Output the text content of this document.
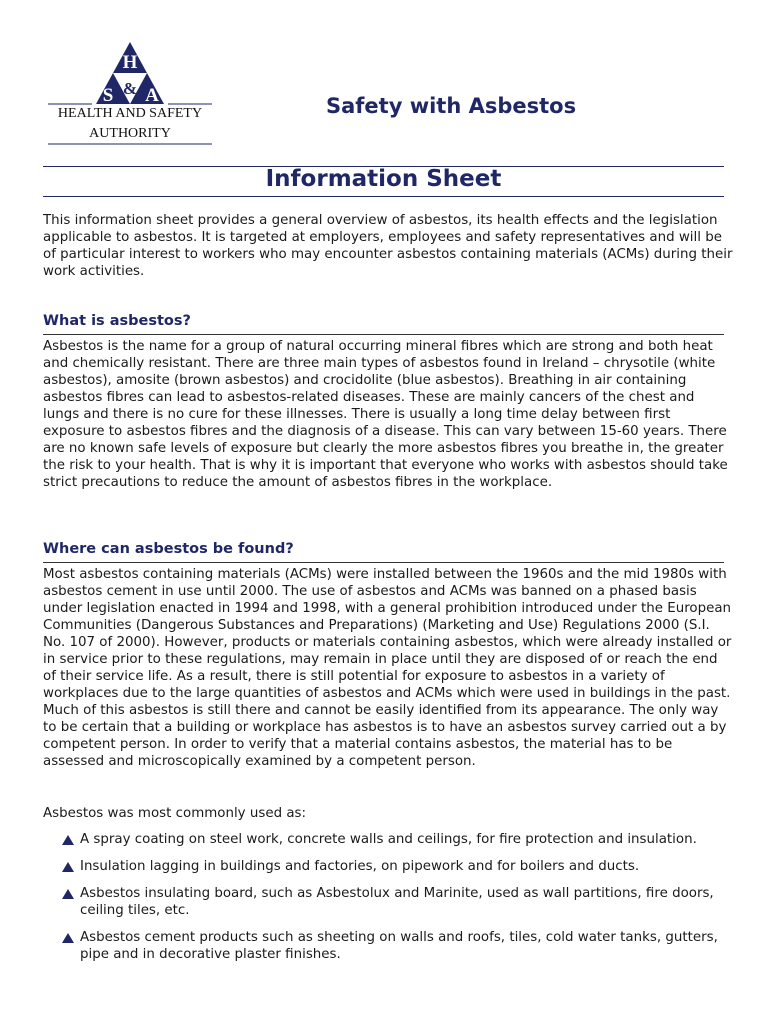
H
S & A
HEALTH AND SAFETY
AUTHORITY
Safety with Asbestos
Information Sheet
This information sheet provides a general overview of asbestos, its health effects and the legislation applicable to asbestos. It is targeted at employers, employees and safety representatives and will be of particular interest to workers who may encounter asbestos containing materials (ACMs) during their work activities.
What is asbestos?
Asbestos is the name for a group of natural occurring mineral fibres which are strong and both heat and chemically resistant. There are three main types of asbestos found in Ireland – chrysotile (white asbestos), amosite (brown asbestos) and crocidolite (blue asbestos). Breathing in air containing asbestos fibres can lead to asbestos-related diseases. These are mainly cancers of the chest and lungs and there is no cure for these illnesses. There is usually a long time delay between first exposure to asbestos fibres and the diagnosis of a disease. This can vary between 15-60 years. There are no known safe levels of exposure but clearly the more asbestos fibres you breathe in, the greater the risk to your health. That is why it is important that everyone who works with asbestos should take strict precautions to reduce the amount of asbestos fibres in the workplace.
Where can asbestos be found?
Most asbestos containing materials (ACMs) were installed between the 1960s and the mid 1980s with asbestos cement in use until 2000. The use of asbestos and ACMs was banned on a phased basis under legislation enacted in 1994 and 1998, with a general prohibition introduced under the European Communities (Dangerous Substances and Preparations) (Marketing and Use) Regulations 2000 (S.I. No. 107 of 2000). However, products or materials containing asbestos, which were already installed or in service prior to these regulations, may remain in place until they are disposed of or reach the end of their service life. As a result, there is still potential for exposure to asbestos in a variety of workplaces due to the large quantities of asbestos and ACMs which were used in buildings in the past. Much of this asbestos is still there and cannot be easily identified from its appearance. The only way to be certain that a building or workplace has asbestos is to have an asbestos survey carried out a by competent person. In order to verify that a material contains asbestos, the material has to be assessed and microscopically examined by a competent person.
Asbestos was most commonly used as:
A spray coating on steel work, concrete walls and ceilings, for fire protection and insulation.
Insulation lagging in buildings and factories, on pipework and for boilers and ducts.
Asbestos insulating board, such as Asbestolux and Marinite, used as wall partitions, fire doors, ceiling tiles, etc.
Asbestos cement products such as sheeting on walls and roofs, tiles, cold water tanks, gutters, pipe and in decorative plaster finishes.
